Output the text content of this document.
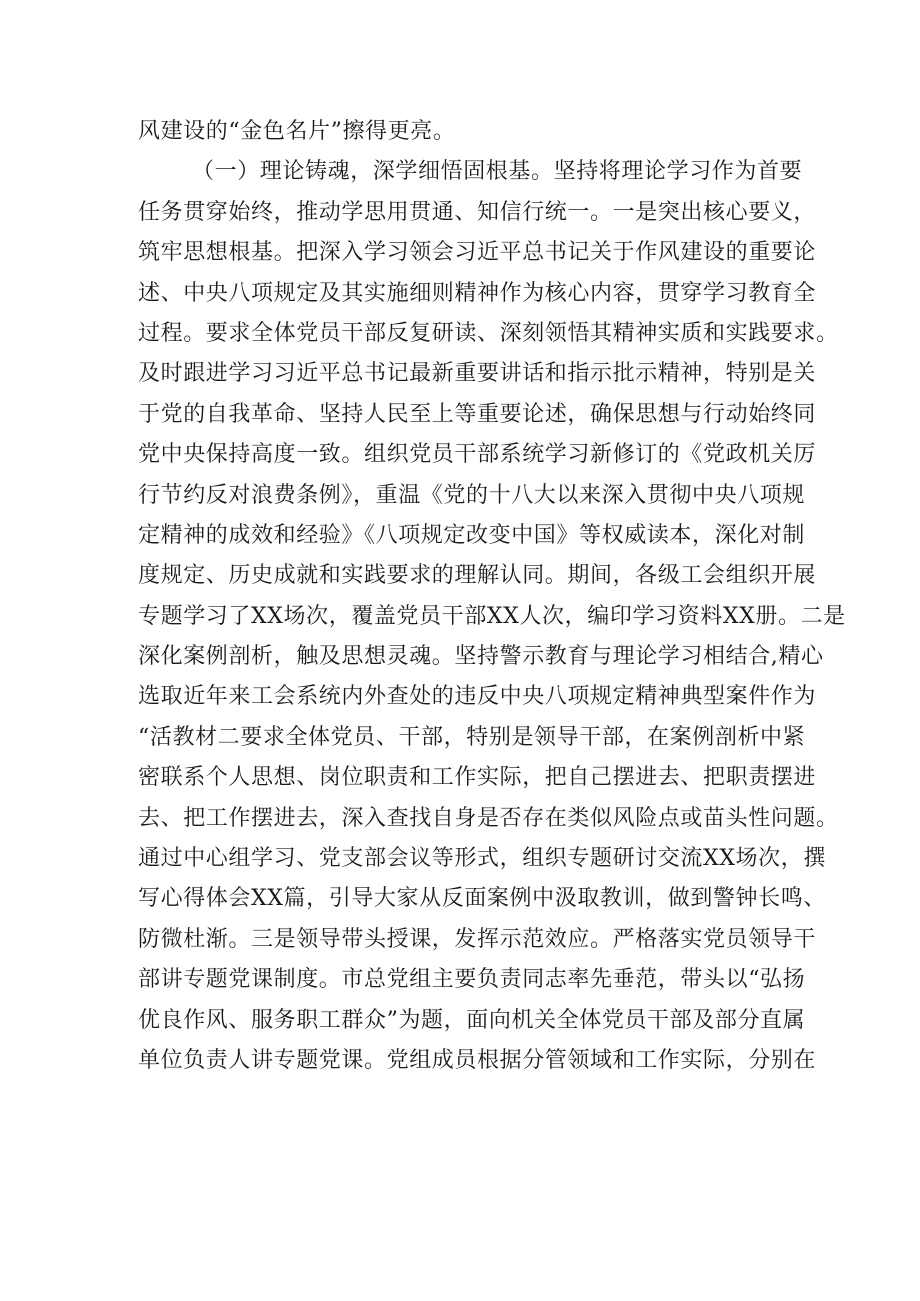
风建设的“金色名片”擦得更亮。
（一）理论铸魂，深学细悟固根基。坚持将理论学习作为首要
任务贯穿始终，推动学思用贯通、知信行统一。一是突出核心要义，
筑牢思想根基。把深入学习领会习近平总书记关于作风建设的重要论
述、中央八项规定及其实施细则精神作为核心内容，贯穿学习教育全
过程。要求全体党员干部反复研读、深刻领悟其精神实质和实践要求。
及时跟进学习习近平总书记最新重要讲话和指示批示精神，特别是关
于党的自我革命、坚持人民至上等重要论述，确保思想与行动始终同
党中央保持高度一致。组织党员干部系统学习新修订的《党政机关厉
行节约反对浪费条例》，重温《党的十八大以来深入贯彻中央八项规
定精神的成效和经验》《八项规定改变中国》等权威读本，深化对制
度规定、历史成就和实践要求的理解认同。期间，各级工会组织开展
专题学习了XX场次，覆盖党员干部XX人次，编印学习资料XX册。二是
深化案例剖析，触及思想灵魂。坚持警示教育与理论学习相结合,精心
选取近年来工会系统内外查处的违反中央八项规定精神典型案件作为
“活教材二要求全体党员、干部，特别是领导干部，在案例剖析中紧
密联系个人思想、岗位职责和工作实际，把自己摆进去、把职责摆进
去、把工作摆进去，深入查找自身是否存在类似风险点或苗头性问题。
通过中心组学习、党支部会议等形式，组织专题研讨交流XX场次，撰
写心得体会XX篇，引导大家从反面案例中汲取教训，做到警钟长鸣、
防微杜渐。三是领导带头授课，发挥示范效应。严格落实党员领导干
部讲专题党课制度。市总党组主要负责同志率先垂范，带头以“弘扬
优良作风、服务职工群众”为题，面向机关全体党员干部及部分直属
单位负责人讲专题党课。党组成员根据分管领域和工作实际，分别在
